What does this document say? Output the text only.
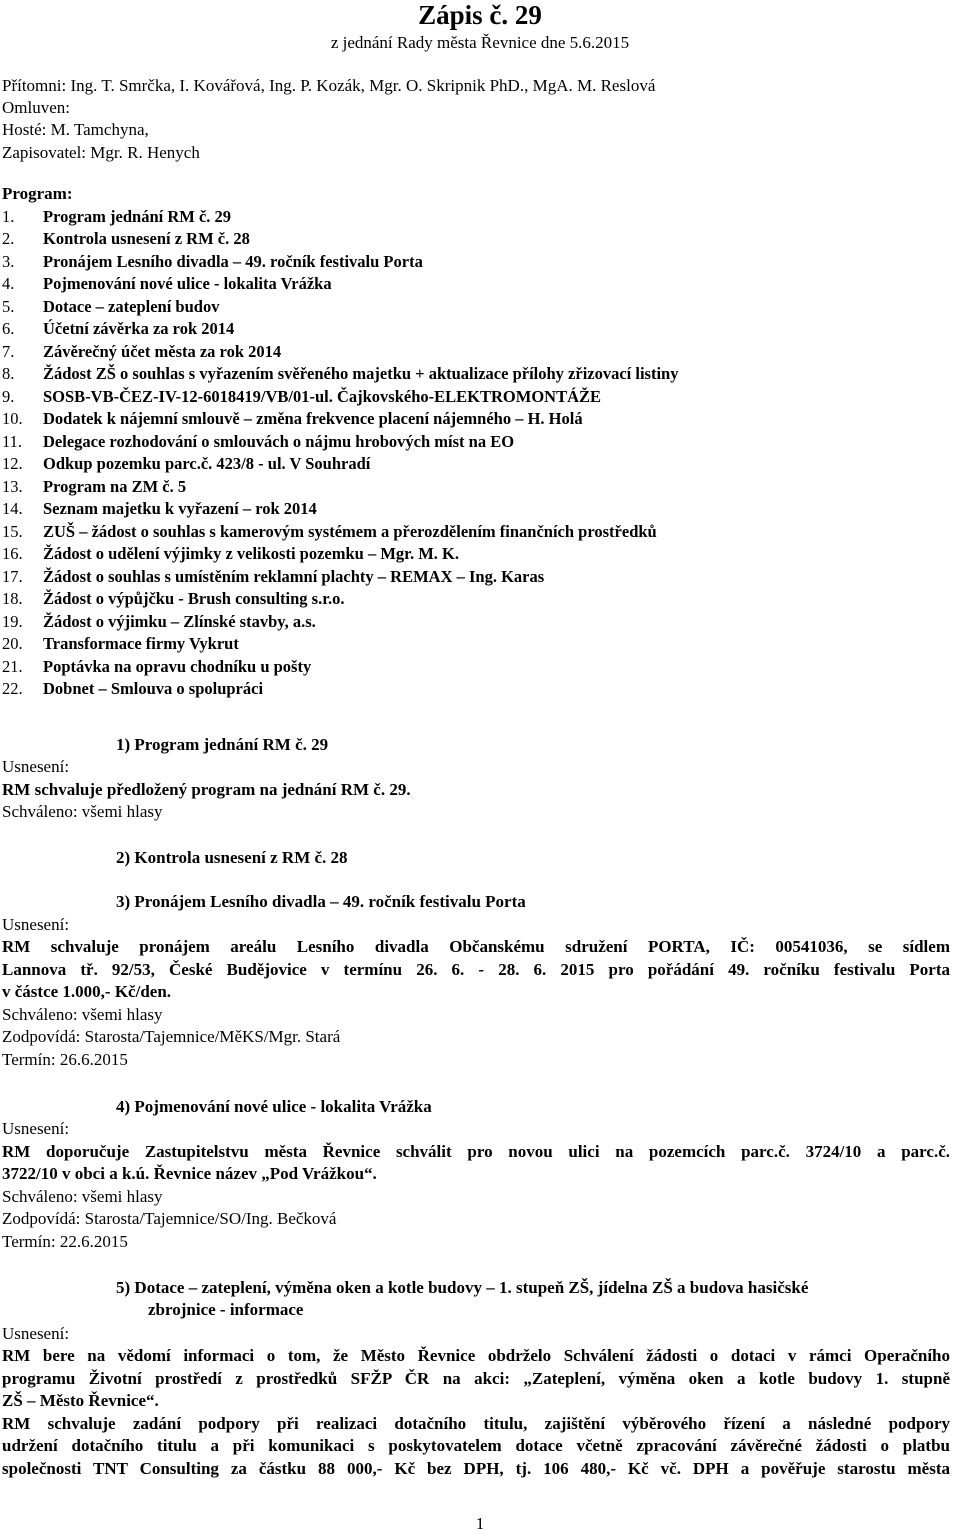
Zápis č. 29
z jednání Rady města Řevnice dne 5.6.2015
Přítomni: Ing. T. Smrčka, I. Kovářová, Ing. P. Kozák, Mgr. O. Skripnik PhD., MgA. M. Reslová
Omluven:
Hosté: M. Tamchyna,
Zapisovatel: Mgr. R. Henych
Program:
1. Program jednání RM č. 29
2. Kontrola usnesení z RM č. 28
3. Pronájem Lesního divadla – 49. ročník festivalu Porta
4. Pojmenování nové ulice - lokalita Vrážka
5. Dotace – zateplení budov
6. Účetní závěrka za rok 2014
7. Závěrečný účet města za rok 2014
8. Žádost ZŠ o souhlas s vyřazením svěřeného majetku + aktualizace přílohy zřizovací listiny
9. SOSB-VB-ČEZ-IV-12-6018419/VB/01-ul. Čajkovského-ELEKTROMONTÁŽE
10. Dodatek k nájemní smlouvě – změna frekvence placení nájemného – H. Holá
11. Delegace rozhodování o smlouvách o nájmu hrobových míst na EO
12. Odkup pozemku parc.č. 423/8 - ul. V Souhradí
13. Program na ZM č. 5
14. Seznam majetku k vyřazení – rok 2014
15. ZUŠ – žádost o souhlas s kamerovým systémem a přerozdělením finančních prostředků
16. Žádost o udělení výjimky z velikosti pozemku – Mgr. M. K.
17. Žádost o souhlas s umístěním reklamní plachty – REMAX – Ing. Karas
18. Žádost o výpůjčku - Brush consulting s.r.o.
19. Žádost o výjimku – Zlínské stavby, a.s.
20. Transformace firmy Vykrut
21. Poptávka na opravu chodníku u pošty
22. Dobnet – Smlouva o spolupráci
1) Program jednání RM č. 29
Usnesení:
RM schvaluje předložený program na jednání RM č. 29.
Schváleno: všemi hlasy
2) Kontrola usnesení z RM č. 28
3) Pronájem Lesního divadla – 49. ročník festivalu Porta
Usnesení:
RM schvaluje pronájem areálu Lesního divadla Občanskému sdružení PORTA, IČ: 00541036, se sídlem
Lannova tř. 92/53, České Budějovice v termínu 26. 6. - 28. 6. 2015 pro pořádání 49. ročníku festivalu Porta
v částce 1.000,- Kč/den.
Schváleno: všemi hlasy
Zodpovídá: Starosta/Tajemnice/MěKS/Mgr. Stará
Termín: 26.6.2015
4) Pojmenování nové ulice - lokalita Vrážka
Usnesení:
RM doporučuje Zastupitelstvu města Řevnice schválit pro novou ulici na pozemcích parc.č. 3724/10 a parc.č.
3722/10 v obci a k.ú. Řevnice název „Pod Vrážkou“.
Schváleno: všemi hlasy
Zodpovídá: Starosta/Tajemnice/SO/Ing. Bečková
Termín: 22.6.2015
5) Dotace – zateplení, výměna oken a kotle budovy – 1. stupeň ZŠ, jídelna ZŠ a budova hasičské
zbrojnice - informace
Usnesení:
RM bere na vědomí informaci o tom, že Město Řevnice obdrželo Schválení žádosti o dotaci v rámci Operačního
programu Životní prostředí z prostředků SFŽP ČR na akci: „Zateplení, výměna oken a kotle budovy 1. stupně
ZŠ – Město Řevnice“.
RM schvaluje zadání podpory při realizaci dotačního titulu, zajištění výběrového řízení a následné podpory
udržení dotačního titulu a při komunikaci s poskytovatelem dotace včetně zpracování závěrečné žádosti o platbu
společnosti TNT Consulting za částku 88 000,- Kč bez DPH, tj. 106 480,- Kč vč. DPH a pověřuje starostu města
1
